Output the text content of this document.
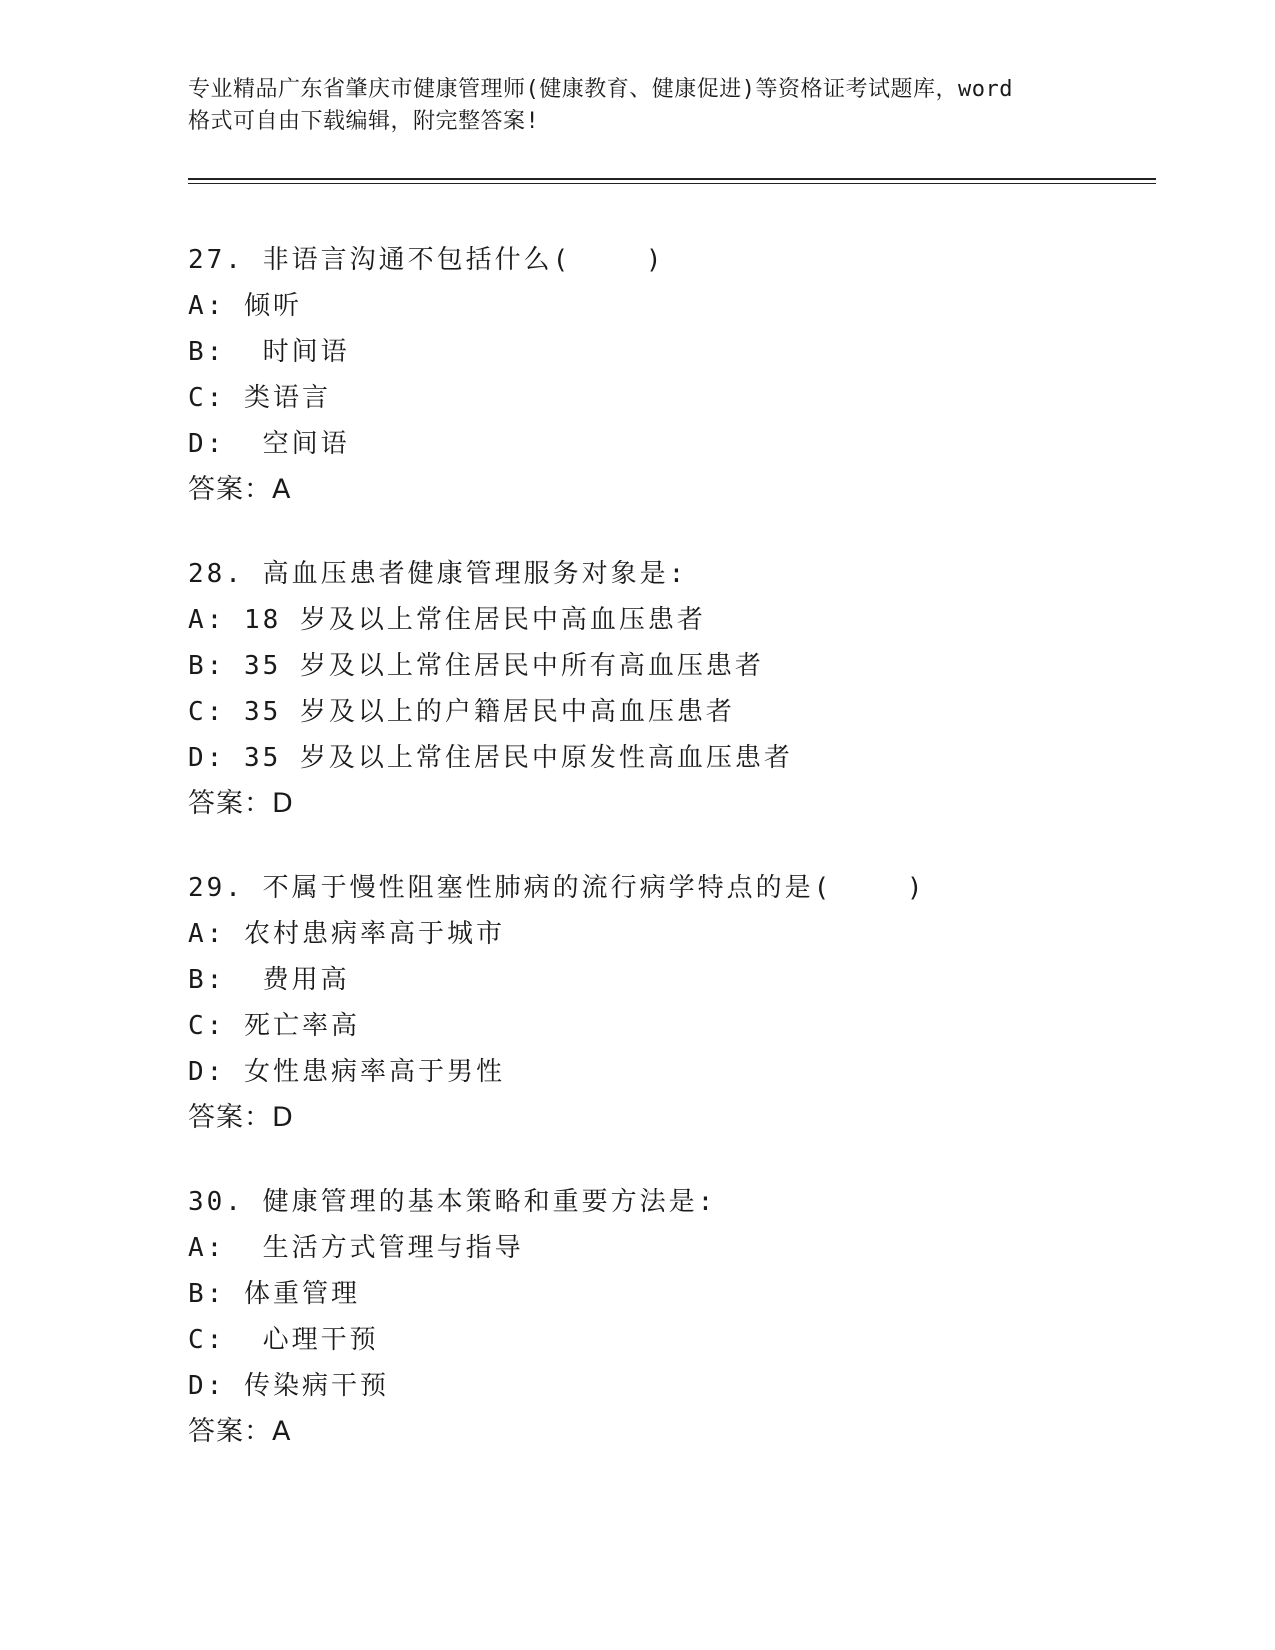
专业精品广东省肇庆市健康管理师(健康教育、健康促进)等资格证考试题库，word
格式可自由下载编辑，附完整答案!
27. 非语言沟通不包括什么(    )
A: 倾听
B:  时间语
C: 类语言
D:  空间语
答案：A
28. 高血压患者健康管理服务对象是:
A: 18 岁及以上常住居民中高血压患者
B: 35 岁及以上常住居民中所有高血压患者
C: 35 岁及以上的户籍居民中高血压患者
D: 35 岁及以上常住居民中原发性高血压患者
答案：D
29. 不属于慢性阻塞性肺病的流行病学特点的是(    )
A: 农村患病率高于城市
B:  费用高
C: 死亡率高
D: 女性患病率高于男性
答案：D
30. 健康管理的基本策略和重要方法是:
A:  生活方式管理与指导
B: 体重管理
C:  心理干预
D: 传染病干预
答案：A
